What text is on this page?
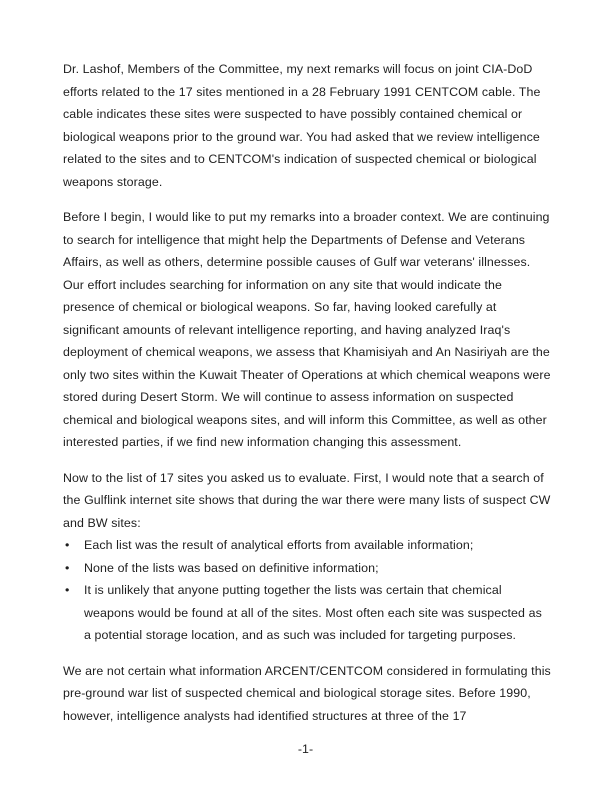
Dr. Lashof, Members of the Committee, my next remarks will focus on joint CIA-DoD efforts related to the 17 sites mentioned in a 28 February 1991 CENTCOM cable. The cable indicates these sites were suspected to have possibly contained chemical or biological weapons prior to the ground war. You had asked that we review intelligence related to the sites and to CENTCOM's indication of suspected chemical or biological weapons storage.

Before I begin, I would like to put my remarks into a broader context. We are continuing to search for intelligence that might help the Departments of Defense and Veterans Affairs, as well as others, determine possible causes of Gulf war veterans' illnesses. Our effort includes searching for information on any site that would indicate the presence of chemical or biological weapons. So far, having looked carefully at significant amounts of relevant intelligence reporting, and having analyzed Iraq's deployment of chemical weapons, we assess that Khamisiyah and An Nasiriyah are the only two sites within the Kuwait Theater of Operations at which chemical weapons were stored during Desert Storm. We will continue to assess information on suspected chemical and biological weapons sites, and will inform this Committee, as well as other interested parties, if we find new information changing this assessment.

Now to the list of 17 sites you asked us to evaluate. First, I would note that a search of the Gulflink internet site shows that during the war there were many lists of suspect CW and BW sites:

• Each list was the result of analytical efforts from available information;
• None of the lists was based on definitive information;
• It is unlikely that anyone putting together the lists was certain that chemical weapons would be found at all of the sites. Most often each site was suspected as a potential storage location, and as such was included for targeting purposes.

We are not certain what information ARCENT/CENTCOM considered in formulating this pre-ground war list of suspected chemical and biological storage sites. Before 1990, however, intelligence analysts had identified structures at three of the 17

-1-
